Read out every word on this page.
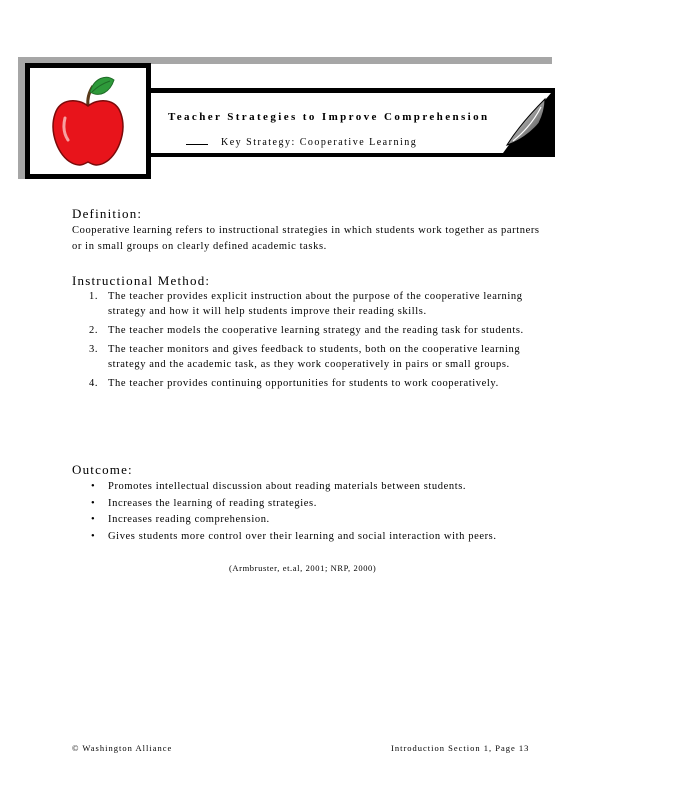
Teacher Strategies to Improve Comprehension
Key Strategy: Cooperative Learning
Definition:
Cooperative learning refers to instructional strategies in which students work together as partners or in small groups on clearly defined academic tasks.
Instructional Method:
1. The teacher provides explicit instruction about the purpose of the cooperative learning strategy and how it will help students improve their reading skills.
2. The teacher models the cooperative learning strategy and the reading task for students.
3. The teacher monitors and gives feedback to students, both on the cooperative learning strategy and the academic task, as they work cooperatively in pairs or small groups.
4. The teacher provides continuing opportunities for students to work cooperatively.
Outcome:
• Promotes intellectual discussion about reading materials between students.
• Increases the learning of reading strategies.
• Increases reading comprehension.
• Gives students more control over their learning and social interaction with peers.
(Armbruster, et.al, 2001; NRP, 2000)
© Washington Alliance	Introduction Section 1, Page 13
